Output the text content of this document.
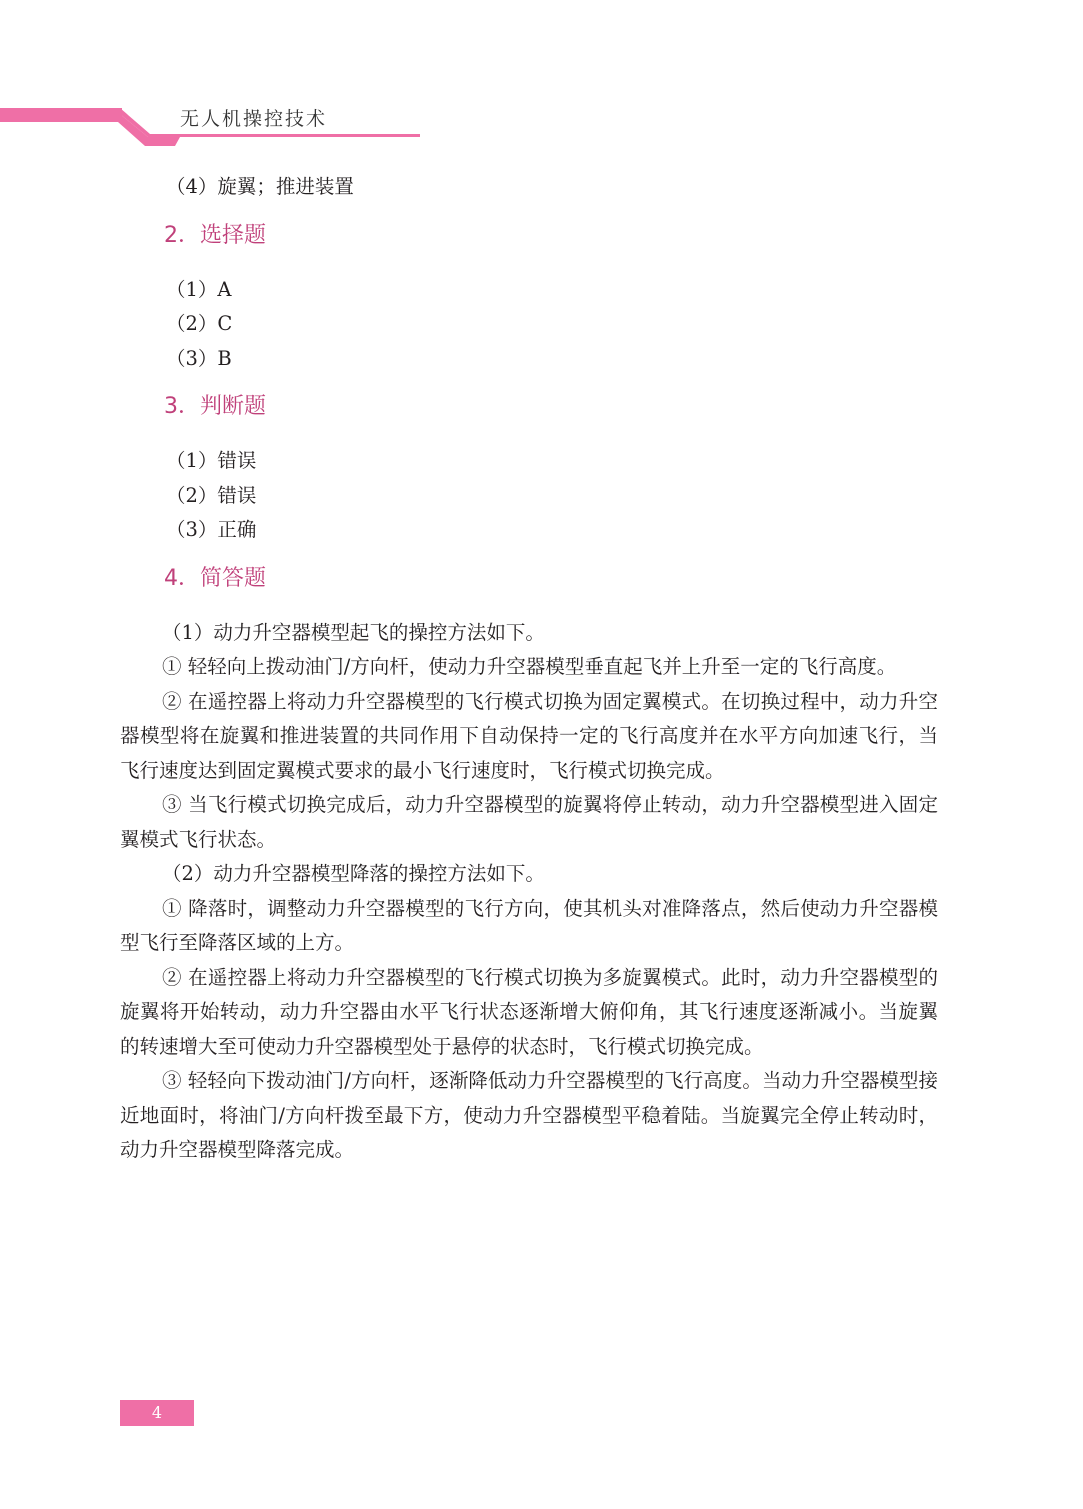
无人机操控技术

（4）旋翼；推进装置

2．选择题

（1）A

（2）C

（3）B

3．判断题

（1）错误

（2）错误

（3）正确

4．简答题

（1）动力升空器模型起飞的操控方法如下。

① 轻轻向上拨动油门/方向杆，使动力升空器模型垂直起飞并上升至一定的飞行高度。

② 在遥控器上将动力升空器模型的飞行模式切换为固定翼模式。在切换过程中，动力升空器模型将在旋翼和推进装置的共同作用下自动保持一定的飞行高度并在水平方向加速飞行，当飞行速度达到固定翼模式要求的最小飞行速度时，飞行模式切换完成。

③ 当飞行模式切换完成后，动力升空器模型的旋翼将停止转动，动力升空器模型进入固定翼模式飞行状态。

（2）动力升空器模型降落的操控方法如下。

① 降落时，调整动力升空器模型的飞行方向，使其机头对准降落点，然后使动力升空器模型飞行至降落区域的上方。

② 在遥控器上将动力升空器模型的飞行模式切换为多旋翼模式。此时，动力升空器模型的旋翼将开始转动，动力升空器由水平飞行状态逐渐增大俯仰角，其飞行速度逐渐减小。当旋翼的转速增大至可使动力升空器模型处于悬停的状态时，飞行模式切换完成。

③ 轻轻向下拨动油门/方向杆，逐渐降低动力升空器模型的飞行高度。当动力升空器模型接近地面时，将油门/方向杆拨至最下方，使动力升空器模型平稳着陆。当旋翼完全停止转动时，动力升空器模型降落完成。

4
